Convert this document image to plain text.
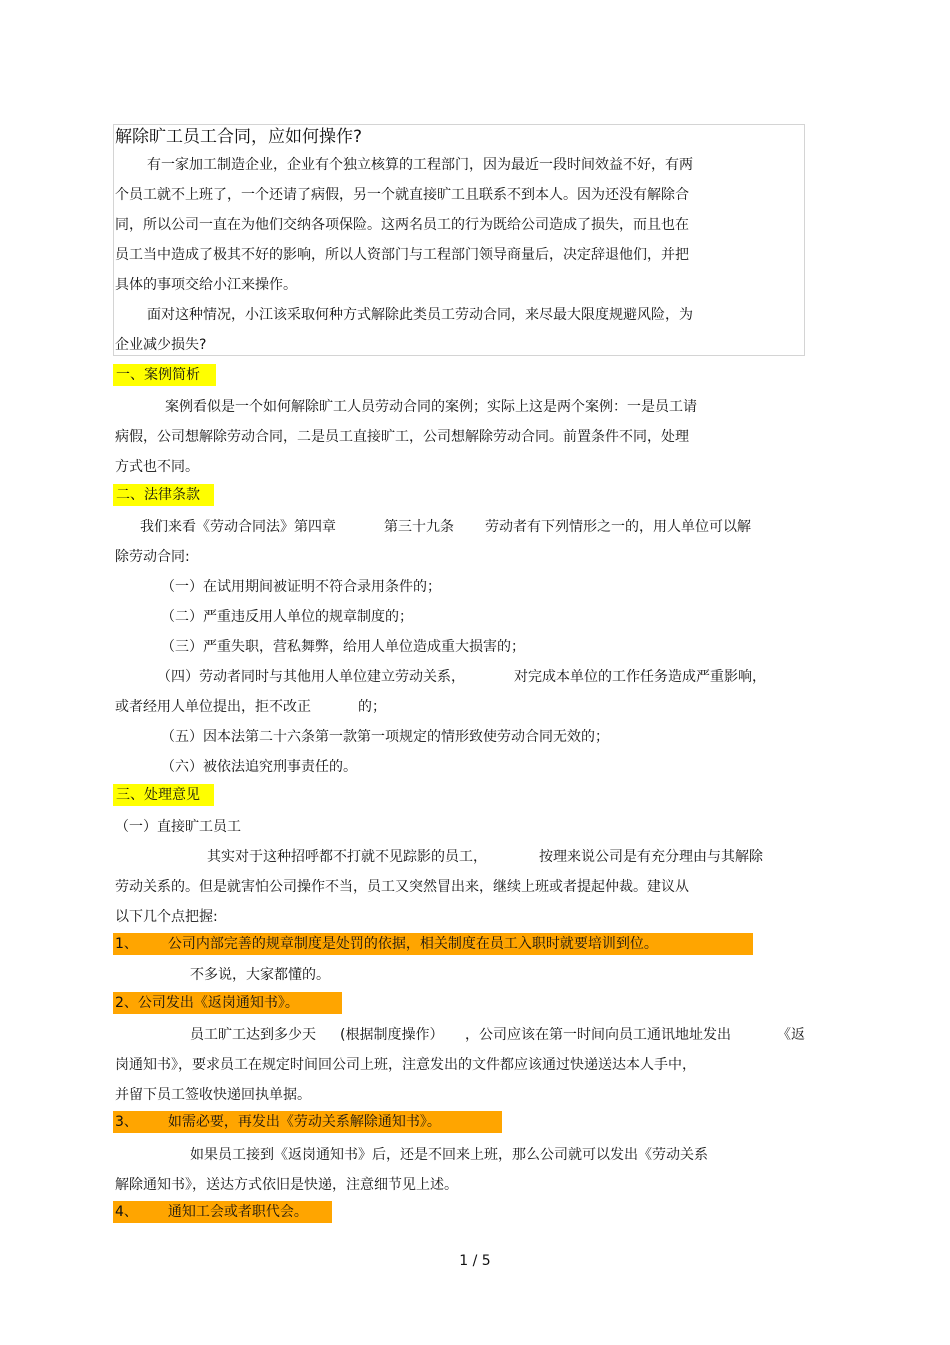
解除旷工员工合同，应如何操作?
有一家加工制造企业，企业有个独立核算的工程部门，因为最近一段时间效益不好，有两
个员工就不上班了，一个还请了病假，另一个就直接旷工且联系不到本人。因为还没有解除合
同，所以公司一直在为他们交纳各项保险。这两名员工的行为既给公司造成了损失，而且也在
员工当中造成了极其不好的影响，所以人资部门与工程部门领导商量后，决定辞退他们，并把
具体的事项交给小江来操作。
面对这种情况，小江该采取何种方式解除此类员工劳动合同，来尽最大限度规避风险，为
企业减少损失?
一、案例简析
案例看似是一个如何解除旷工人员劳动合同的案例；实际上这是两个案例：一是员工请
病假，公司想解除劳动合同，二是员工直接旷工，公司想解除劳动合同。前置条件不同，处理
方式也不同。
二、法律条款
我们来看《劳动合同法》第四章	第三十九条 劳动者有下列情形之一的，用人单位可以解
除劳动合同:
（一）在试用期间被证明不符合录用条件的；
（二）严重违反用人单位的规章制度的；
（三）严重失职，营私舞弊，给用人单位造成重大损害的；
（四）劳动者同时与其他用人单位建立劳动关系，	对完成本单位的工作任务造成严重影响，
或者经用人单位提出，拒不改正	的；
（五）因本法第二十六条第一款第一项规定的情形致使劳动合同无效的；
（六）被依法追究刑事责任的。
三、处理意见
（一）直接旷工员工
其实对于这种招呼都不打就不见踪影的员工，	按理来说公司是有充分理由与其解除
劳动关系的。但是就害怕公司操作不当，员工又突然冒出来，继续上班或者提起仲裁。建议从
以下几个点把握:
1、 公司内部完善的规章制度是处罚的依据，相关制度在员工入职时就要培训到位。
不多说，大家都懂的。
2、公司发出《返岗通知书》。
员工旷工达到多少天 (根据制度操作） ，公司应该在第一时间向员工通讯地址发出	《返
岗通知书》，要求员工在规定时间回公司上班，注意发出的文件都应该通过快递送达本人手中，
并留下员工签收快递回执单据。
3、 如需必要，再发出《劳动关系解除通知书》。
如果员工接到《返岗通知书》后，还是不回来上班，那么公司就可以发出《劳动关系
解除通知书》，送达方式依旧是快递，注意细节见上述。
4、 通知工会或者职代会。
1 / 5
